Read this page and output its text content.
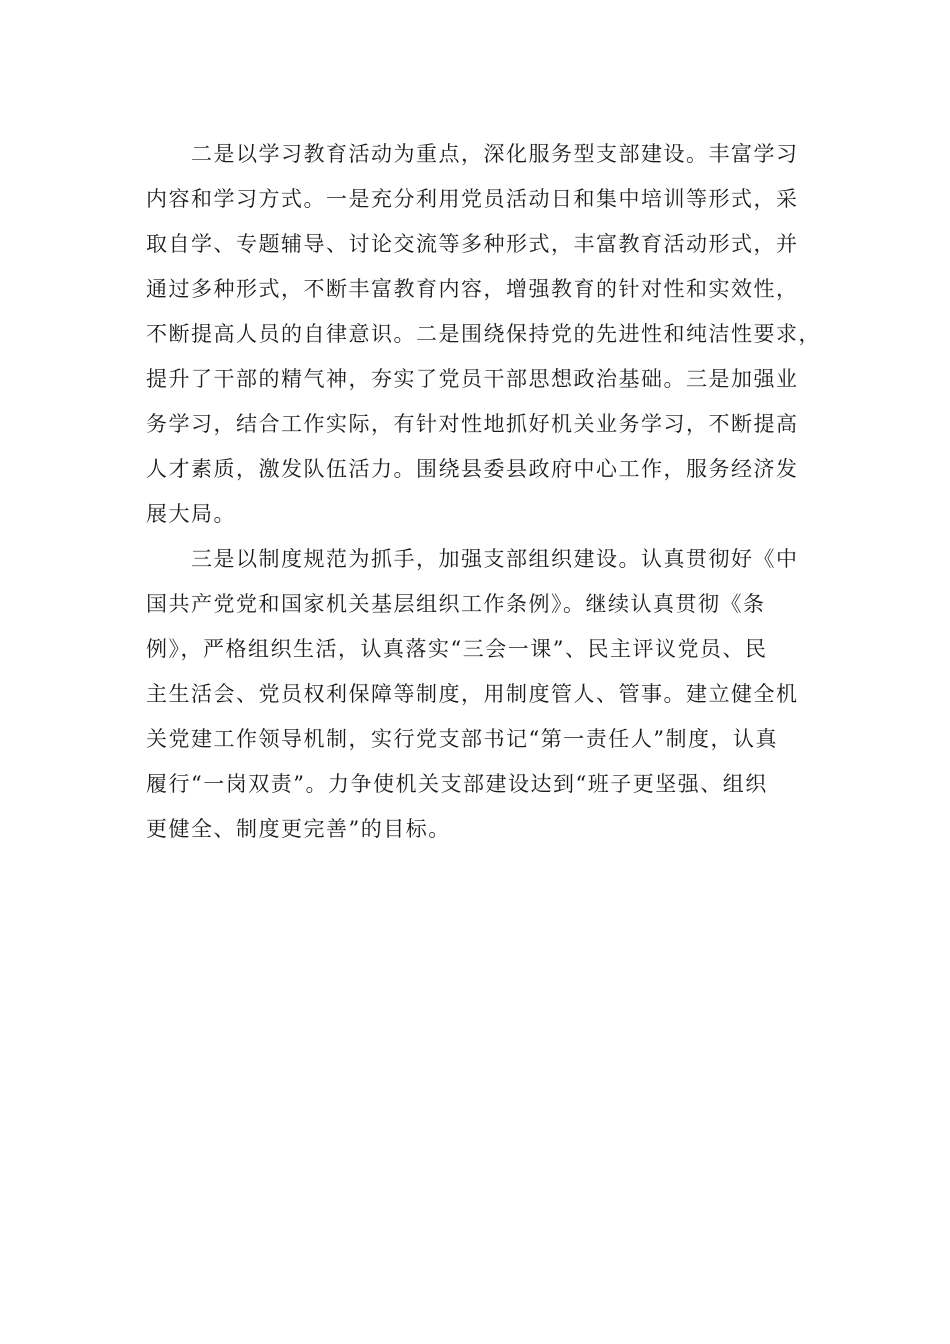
　　二是以学习教育活动为重点，深化服务型支部建设。丰富学习
内容和学习方式。一是充分利用党员活动日和集中培训等形式，采
取自学、专题辅导、讨论交流等多种形式，丰富教育活动形式，并
通过多种形式，不断丰富教育内容，增强教育的针对性和实效性，
不断提高人员的自律意识。二是围绕保持党的先进性和纯洁性要求，
提升了干部的精气神，夯实了党员干部思想政治基础。三是加强业
务学习，结合工作实际，有针对性地抓好机关业务学习，不断提高
人才素质，激发队伍活力。围绕县委县政府中心工作，服务经济发
展大局。

　　三是以制度规范为抓手，加强支部组织建设。认真贯彻好《中
国共产党党和国家机关基层组织工作条例》。继续认真贯彻《条
例》，严格组织生活，认真落实“三会一课”、民主评议党员、民
主生活会、党员权利保障等制度，用制度管人、管事。建立健全机
关党建工作领导机制，实行党支部书记“第一责任人”制度，认真
履行“一岗双责”。力争使机关支部建设达到“班子更坚强、组织
更健全、制度更完善”的目标。
